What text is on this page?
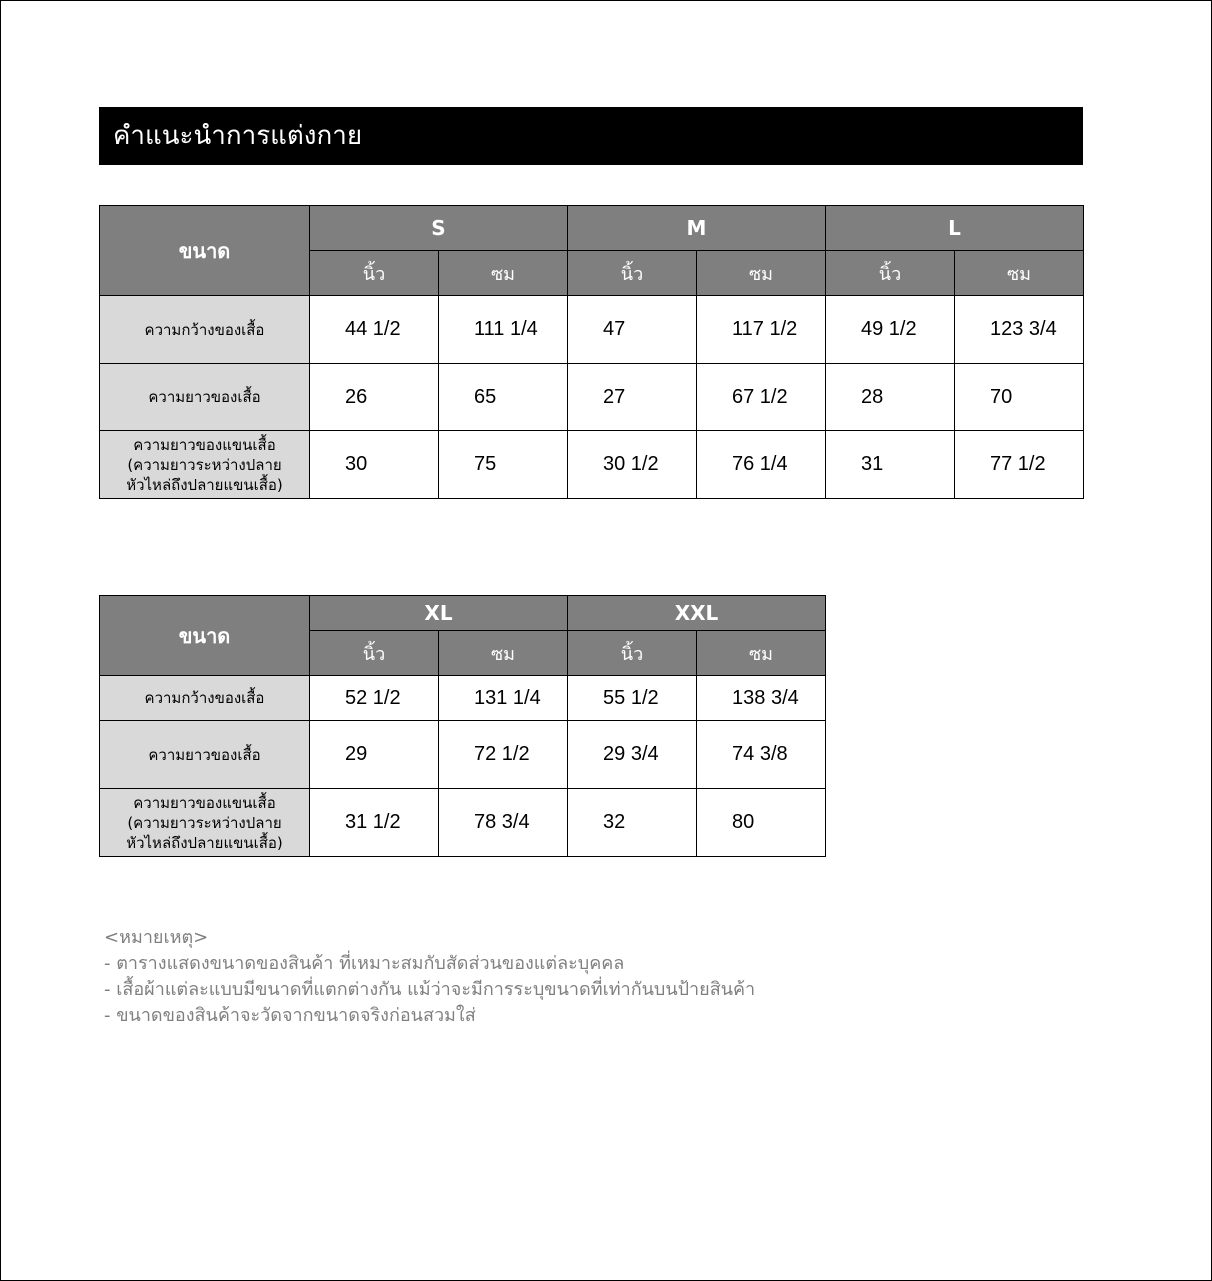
คำแนะนำการแต่งกาย
ขนาด	S		M		L	
	นิ้ว	ซม	นิ้ว	ซม	นิ้ว	ซม
ความกว้างของเสื้อ	44 1/2	111 1/4	47	117 1/2	49 1/2	123 3/4
ความยาวของเสื้อ	26	65	27	67 1/2	28	70

ความยาวของแขนเสื้อ
(ความยาวระหว่างปลาย
หัวไหล่ถึงปลายแขนเสื้อ)	30	75	30 1/2	76 1/4	31	77 1/2
ขนาด	XL		XXL	
	นิ้ว	ซม	นิ้ว	ซม
ความกว้างของเสื้อ	52 1/2	131 1/4	55 1/2	138 3/4
ความยาวของเสื้อ	29	72 1/2	29 3/4	74 3/8

ความยาวของแขนเสื้อ
(ความยาวระหว่างปลาย
หัวไหล่ถึงปลายแขนเสื้อ)	31 1/2	78 3/4	32	80
<หมายเหตุ>
- ตารางแสดงขนาดของสินค้า ที่เหมาะสมกับสัดส่วนของแต่ละบุคคล
- เสื้อผ้าแต่ละแบบมีขนาดที่แตกต่างกัน แม้ว่าจะมีการระบุขนาดที่เท่ากันบนป้ายสินค้า
- ขนาดของสินค้าจะวัดจากขนาดจริงก่อนสวมใส่
